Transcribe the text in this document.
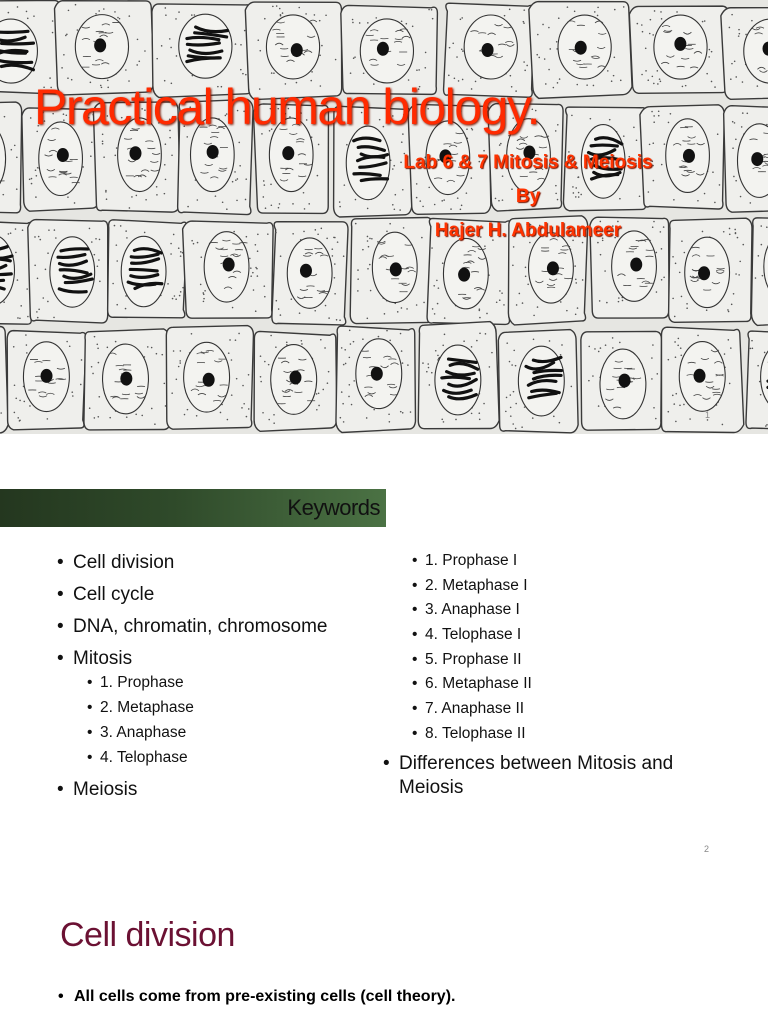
Practical human biology.
Lab 6 & 7 Mitosis & Meiosis
By
Hajer H. Abdulameer
1
Keywords
• Cell division
• Cell cycle
• DNA, chromatin, chromosome
• Mitosis
• 1. Prophase
• 2. Metaphase
• 3. Anaphase
• 4. Telophase
• Meiosis
• 1. Prophase I
• 2. Metaphase I
• 3. Anaphase I
• 4. Telophase I
• 5. Prophase II
• 6. Metaphase II
• 7. Anaphase II
• 8. Telophase II
• Differences between Mitosis and
Meiosis
2
Cell division
• All cells come from pre-existing cells (cell theory).
